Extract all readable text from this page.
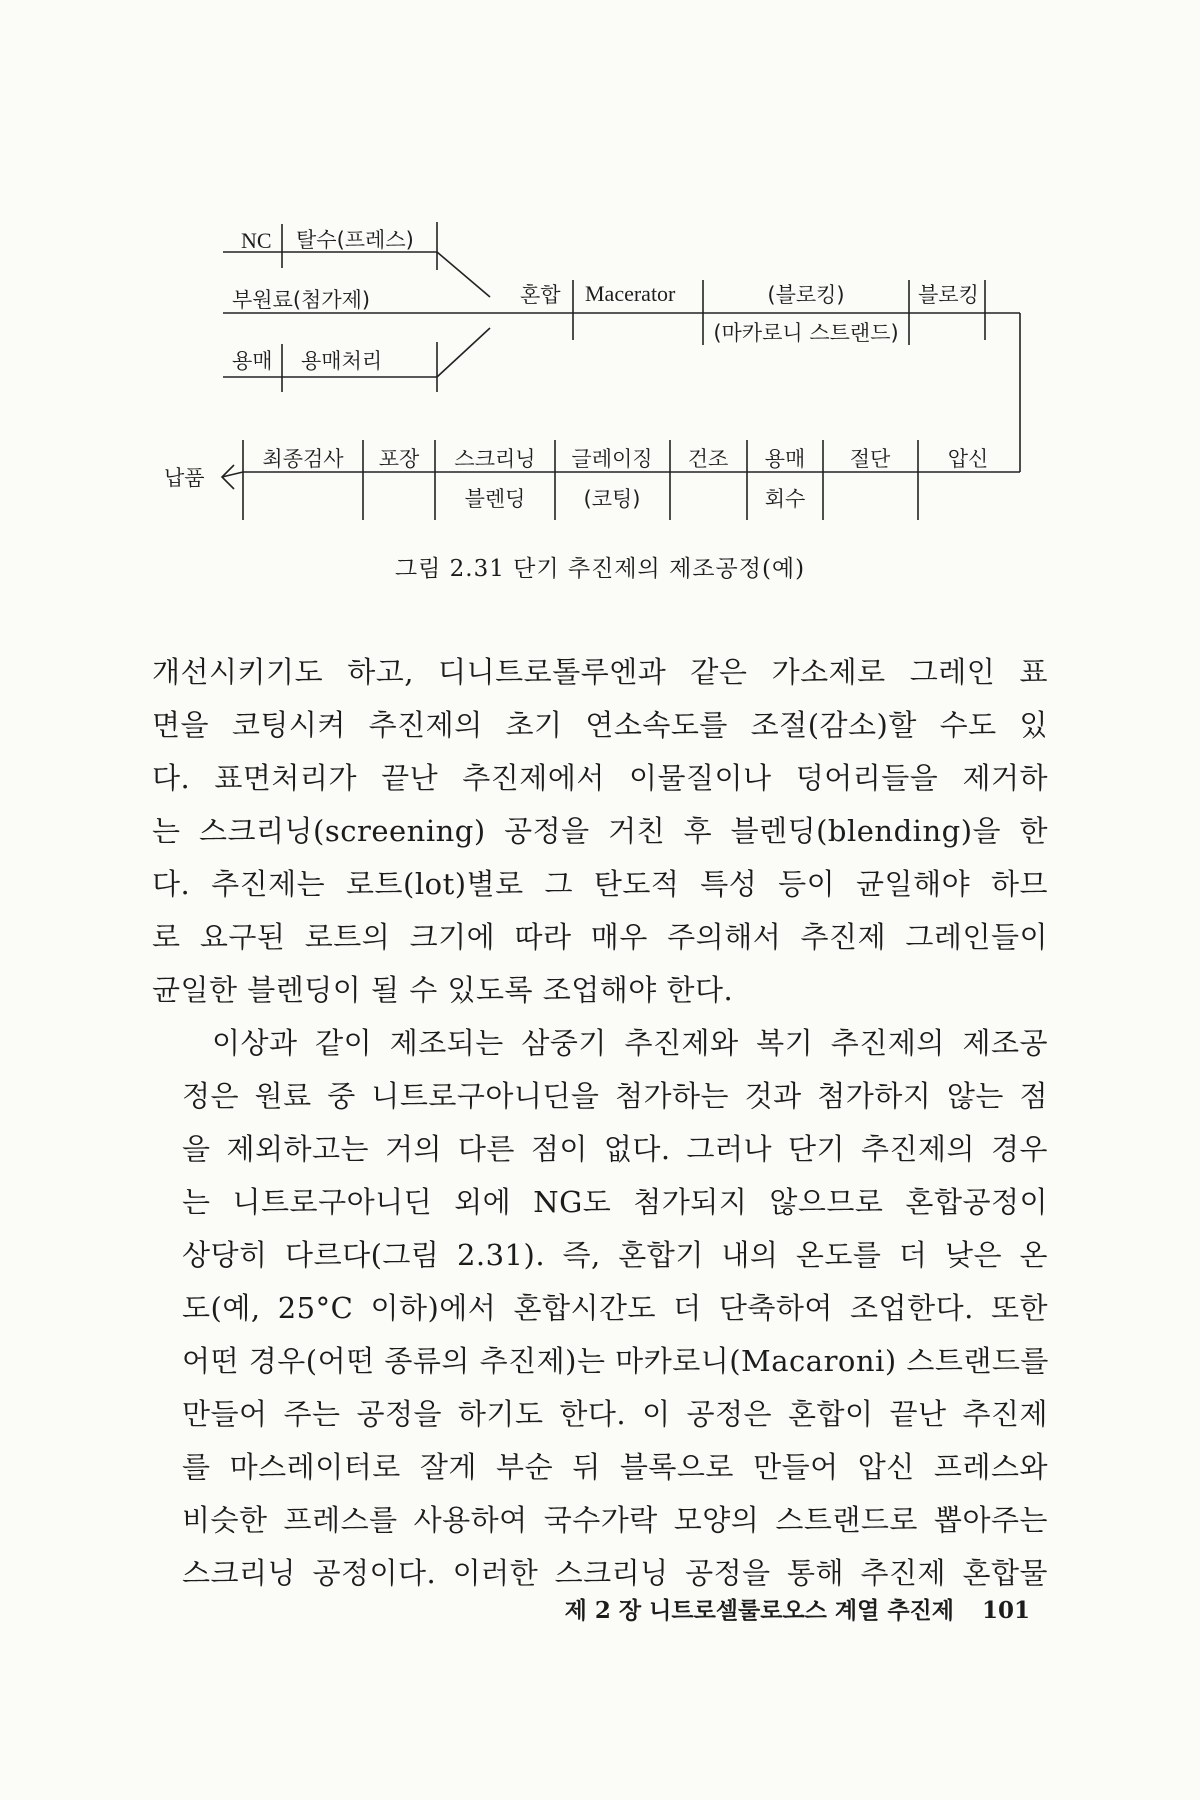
NC 탈수(프레스)
부원료(첨가제)
용매 용매처리
혼합 Macerator	(블로킹)
(마카로니 스트랜드)
블로킹
납품
최종검사 포장 스크리닝
블렌딩
글레이징
(코팅)
건조 용매
회수
절단	압신
그림 2.31 단기 추진제의 제조공정(예)

개선시키기도 하고, 디니트로톨루엔과 같은 가소제로 그레인 표
면을 코팅시켜 추진제의 초기 연소속도를 조절(감소)할 수도 있
다. 표면처리가 끝난 추진제에서 이물질이나 덩어리들을 제거하
는 스크리닝(screening) 공정을 거친 후 블렌딩(blending)을 한
다. 추진제는 로트(lot)별로 그 탄도적 특성 등이 균일해야 하므
로 요구된 로트의 크기에 따라 매우 주의해서 추진제 그레인들이
균일한 블렌딩이 될 수 있도록 조업해야 한다.

이상과 같이 제조되는 삼중기 추진제와 복기 추진제의 제조공
정은 원료 중 니트로구아니딘을 첨가하는 것과 첨가하지 않는 점
을 제외하고는 거의 다른 점이 없다. 그러나 단기 추진제의 경우
는 니트로구아니딘 외에 NG도 첨가되지 않으므로 혼합공정이
상당히 다르다(그림 2.31). 즉, 혼합기 내의 온도를 더 낮은 온
도(예, 25°C 이하)에서 혼합시간도 더 단축하여 조업한다. 또한
어떤 경우(어떤 종류의 추진제)는 마카로니(Macaroni) 스트랜드를
만들어 주는 공정을 하기도 한다. 이 공정은 혼합이 끝난 추진제
를 마스레이터로 잘게 부순 뒤 블록으로 만들어 압신 프레스와
비슷한 프레스를 사용하여 국수가락 모양의 스트랜드로 뽑아주는
스크리닝 공정이다. 이러한 스크리닝 공정을 통해 추진제 혼합물

제 2 장 니트로셀룰로오스 계열 추진제 101
